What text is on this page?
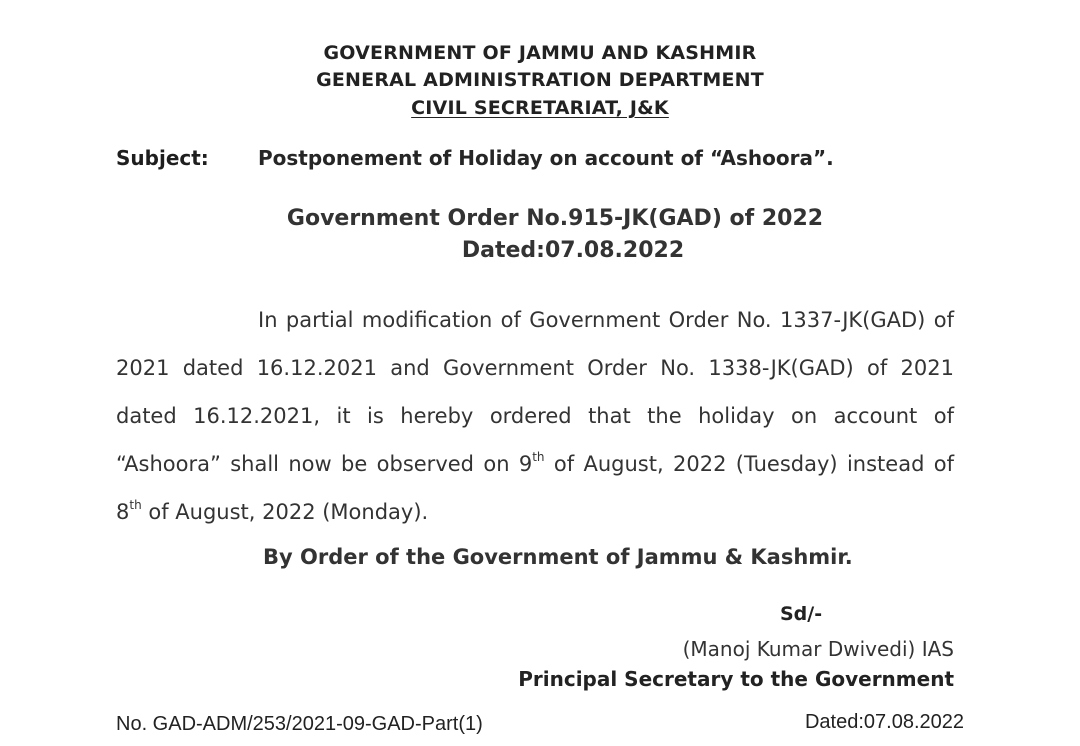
GOVERNMENT OF JAMMU AND KASHMIR
GENERAL ADMINISTRATION DEPARTMENT
CIVIL SECRETARIAT, J&K
Subject: Postponement of Holiday on account of “Ashoora”.
Government Order No.915-JK(GAD) of 2022
Dated:07.08.2022
In partial modification of Government Order No. 1337-JK(GAD) of 2021 dated 16.12.2021 and Government Order No. 1338-JK(GAD) of 2021 dated 16.12.2021, it is hereby ordered that the holiday on account of “Ashoora” shall now be observed on 9th of August, 2022 (Tuesday) instead of 8th of August, 2022 (Monday).
By Order of the Government of Jammu & Kashmir.
Sd/-
(Manoj Kumar Dwivedi) IAS
Principal Secretary to the Government
No. GAD-ADM/253/2021-09-GAD-Part(1)	Dated:07.08.2022
